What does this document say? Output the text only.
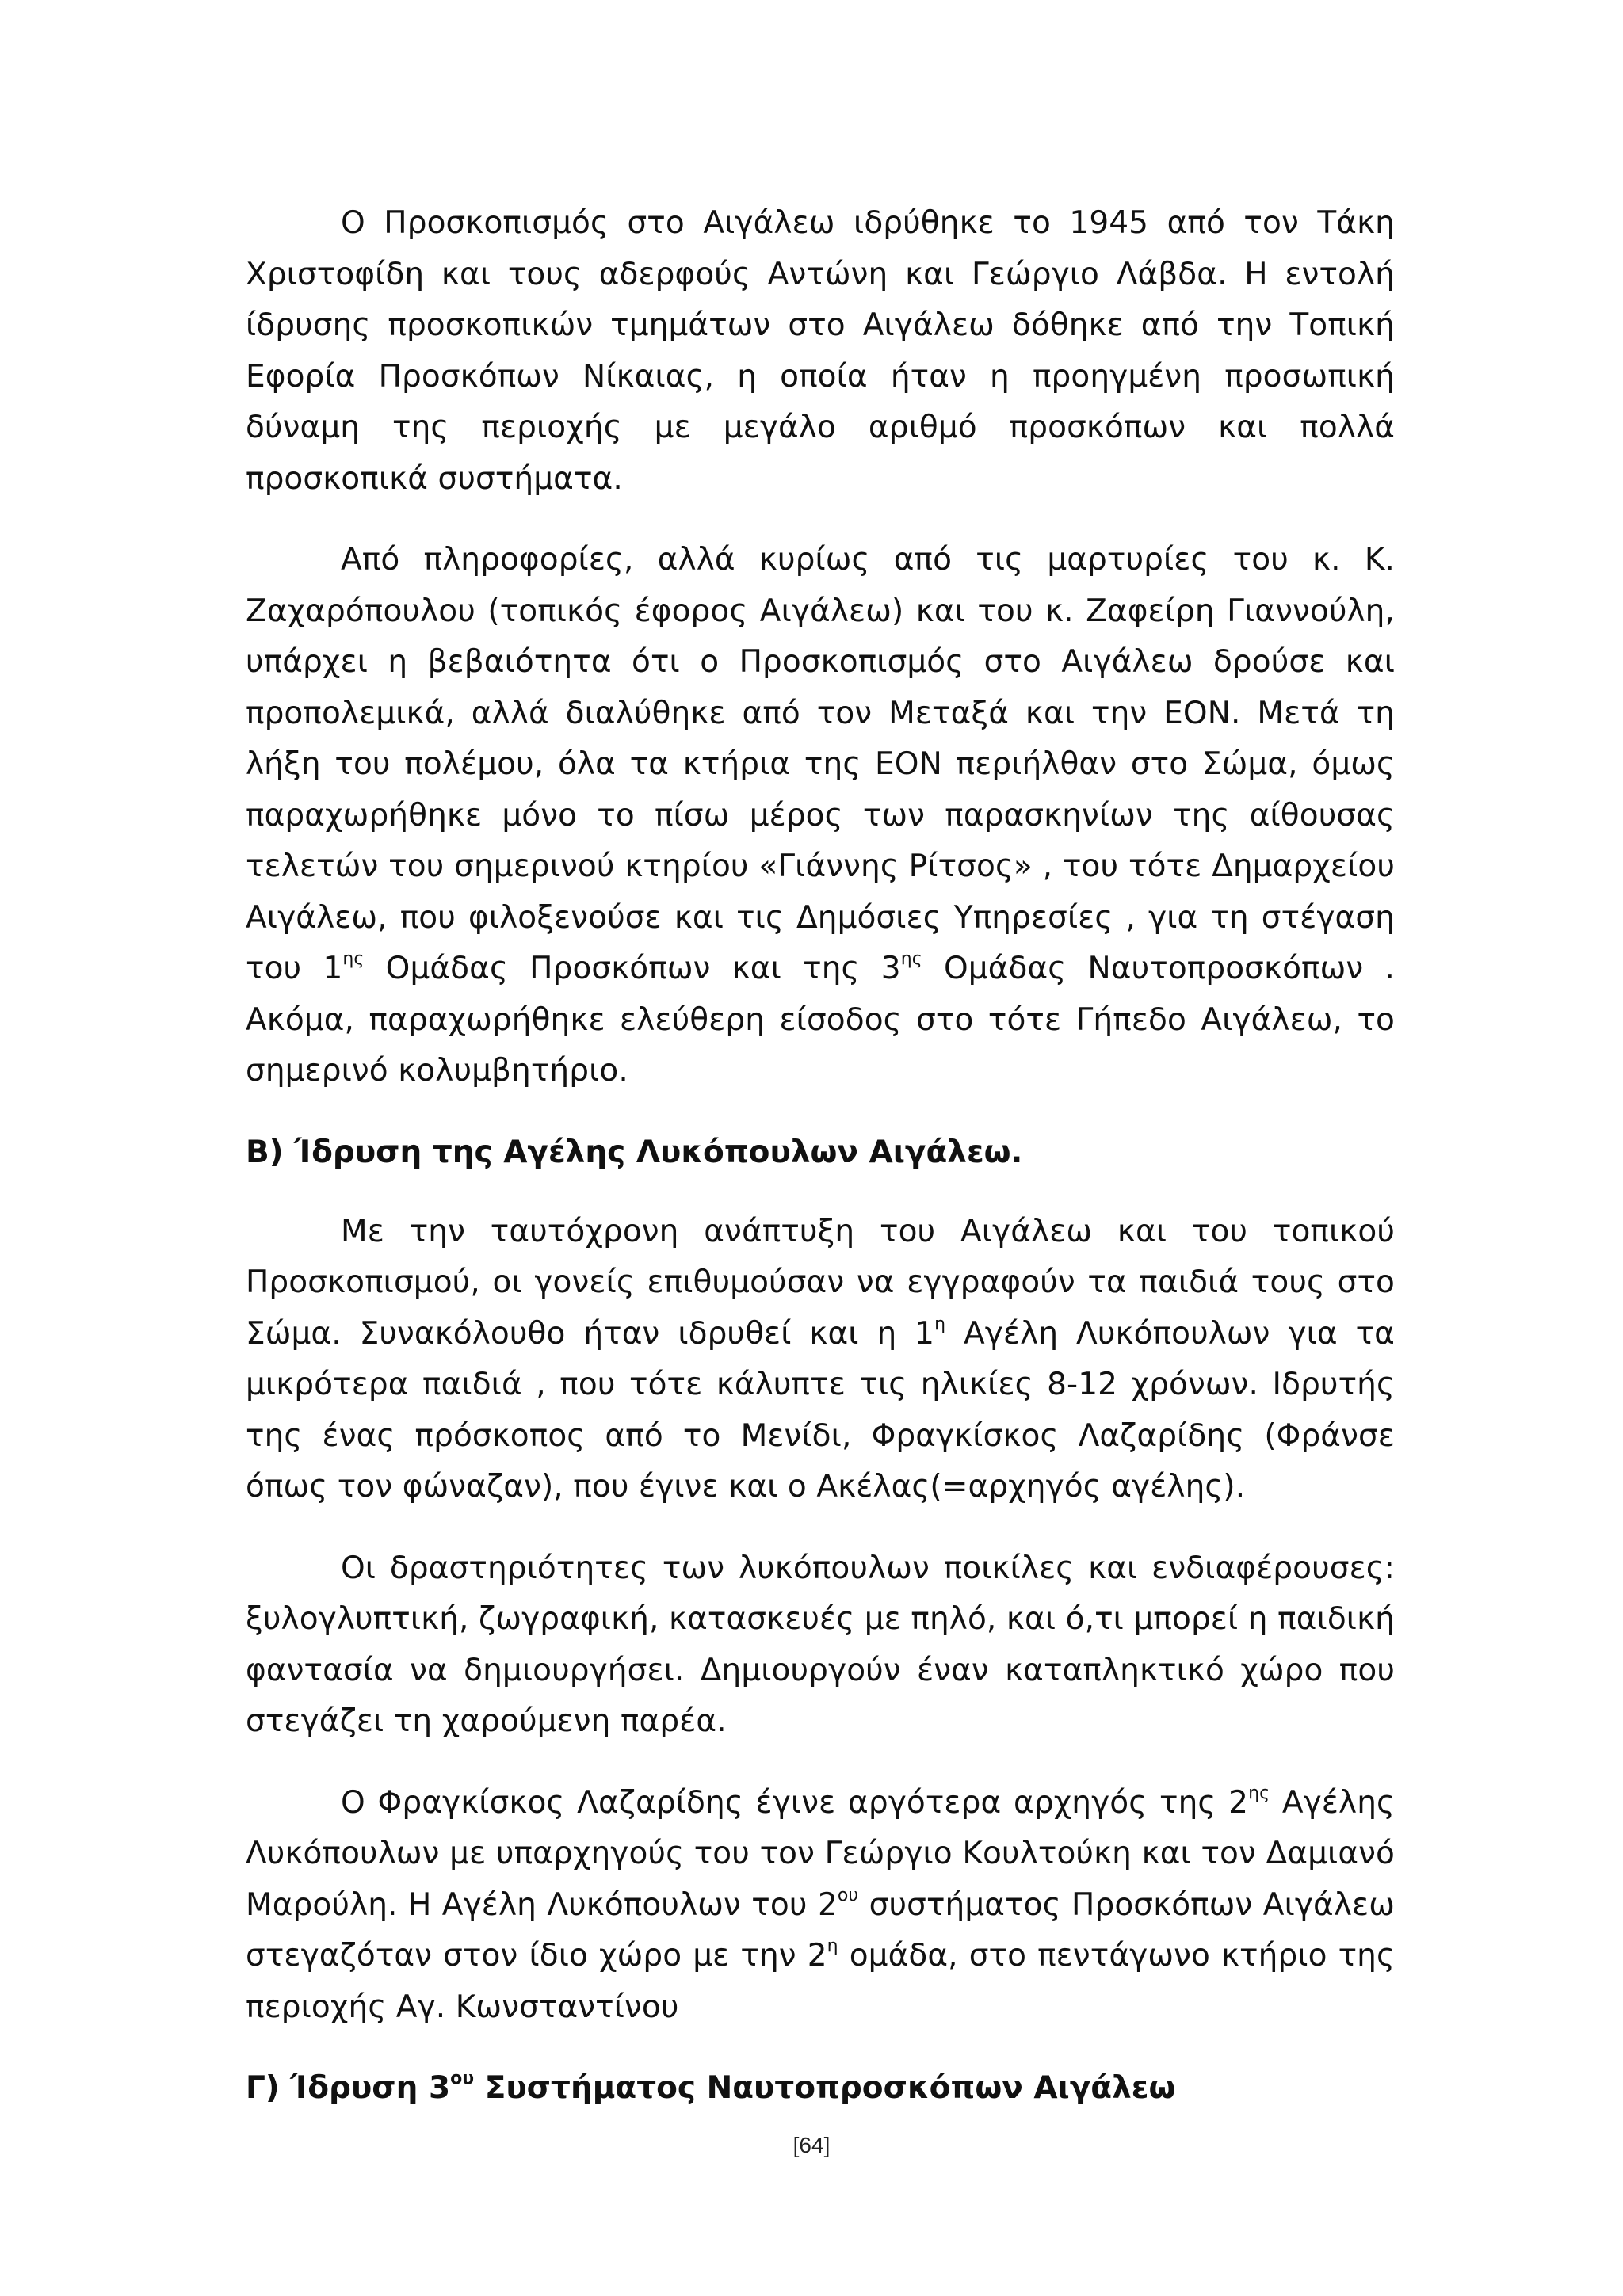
Ο Προσκοπισμός στο Αιγάλεω ιδρύθηκε το 1945 από τον Τάκη Χριστοφίδη και τους αδερφούς Αντώνη και Γεώργιο Λάβδα. Η εντολή ίδρυσης προσκοπικών τμημάτων στο Αιγάλεω δόθηκε από την Τοπική Εφορία Προσκόπων Νίκαιας, η οποία ήταν η προηγμένη προσωπική δύναμη της περιοχής με μεγάλο αριθμό προσκόπων και πολλά προσκοπικά συστήματα.

Από πληροφορίες, αλλά κυρίως από τις μαρτυρίες του κ. Κ. Ζαχαρόπουλου (τοπικός έφορος Αιγάλεω) και του κ. Ζαφείρη Γιαννούλη, υπάρχει η βεβαιότητα ότι ο Προσκοπισμός στο Αιγάλεω δρούσε και προπολεμικά, αλλά διαλύθηκε από τον Μεταξά και την ΕΟΝ. Μετά τη λήξη του πολέμου, όλα τα κτήρια της ΕΟΝ περιήλθαν στο Σώμα, όμως παραχωρήθηκε μόνο το πίσω μέρος των παρασκηνίων της αίθουσας τελετών του σημερινού κτηρίου «Γιάννης Ρίτσος» , του τότε Δημαρχείου Αιγάλεω, που φιλοξενούσε και τις Δημόσιες Υπηρεσίες , για τη στέγαση του $1^{\eta\varsigma}$ Ομάδας Προσκόπων και της $3^{\eta\varsigma}$ Ομάδας Ναυτοπροσκόπων . Ακόμα, παραχωρήθηκε ελεύθερη είσοδος στο τότε Γήπεδο Αιγάλεω, το σημερινό κολυμβητήριο.

Β) Ίδρυση της Αγέλης Λυκόπουλων Αιγάλεω.

Με την ταυτόχρονη ανάπτυξη του Αιγάλεω και του τοπικού Προσκοπισμού, οι γονείς επιθυμούσαν να εγγραφούν τα παιδιά τους στο Σώμα. Συνακόλουθο ήταν ιδρυθεί και η $1^\eta$ Αγέλη Λυκόπουλων για τα μικρότερα παιδιά , που τότε κάλυπτε τις ηλικίες 8-12 χρόνων. Ιδρυτής της ένας πρόσκοπος από το Μενίδι, Φραγκίσκος Λαζαρίδης (Φράνσε όπως τον φώναζαν), που έγινε και ο Ακέλας(=αρχηγός αγέλης).

Οι δραστηριότητες των λυκόπουλων ποικίλες και ενδιαφέρουσες: ξυλογλυπτική, ζωγραφική, κατασκευές με πηλό, και ό,τι μπορεί η παιδική φαντασία να δημιουργήσει. Δημιουργούν έναν καταπληκτικό χώρο που στεγάζει τη χαρούμενη παρέα.

Ο Φραγκίσκος Λαζαρίδης έγινε αργότερα αρχηγός της $2^{\eta\varsigma}$ Αγέλης Λυκόπουλων με υπαρχηγούς του τον Γεώργιο Κουλτούκη και τον Δαμιανό Μαρούλη. Η Αγέλη Λυκόπουλων του $2^{o\upsilon}$ συστήματος Προσκόπων Αιγάλεω στεγαζόταν στον ίδιο χώρο με την $2^\eta$ ομάδα, στο πεντάγωνο κτήριο της περιοχής Αγ. Κωνσταντίνου

Γ) Ίδρυση $3^{o\upsilon}$ Συστήματος Ναυτοπροσκόπων Αιγάλεω

[64]
